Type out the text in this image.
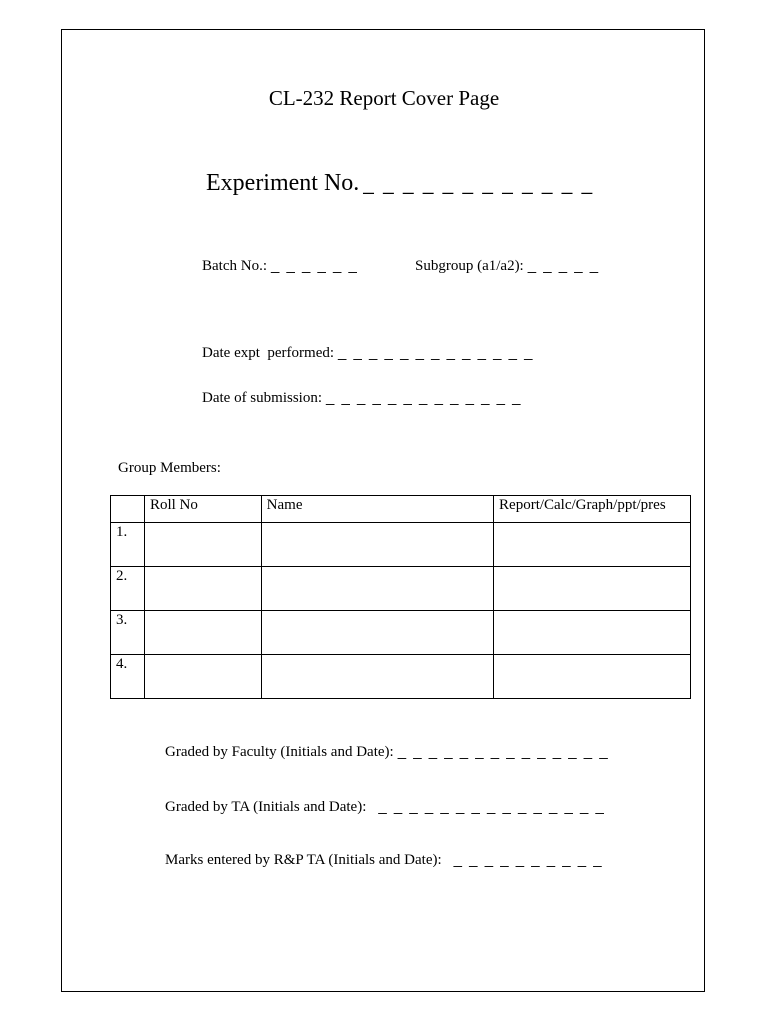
CL-232 Report Cover Page
Experiment No. _ _ _ _ _ _ _ _ _ _ _ _
Batch No.: _ _ _ _ _ _	Subgroup (a1/a2): _ _ _ _ _
Date expt  performed: _ _ _ _ _ _ _ _ _ _ _ _ _
Date of submission: _ _ _ _ _ _ _ _ _ _ _ _ _
Group Members:
	Roll No	Name	Report/Calc/Graph/ppt/pres
1.			
2.			
3.			
4.			
Graded by Faculty (Initials and Date): _ _ _ _ _ _ _ _ _ _ _ _ _ _
Graded by TA (Initials and Date): _ _ _ _ _ _ _ _ _ _ _ _ _ _ _
Marks entered by R&P TA (Initials and Date): _ _ _ _ _ _ _ _ _ _
